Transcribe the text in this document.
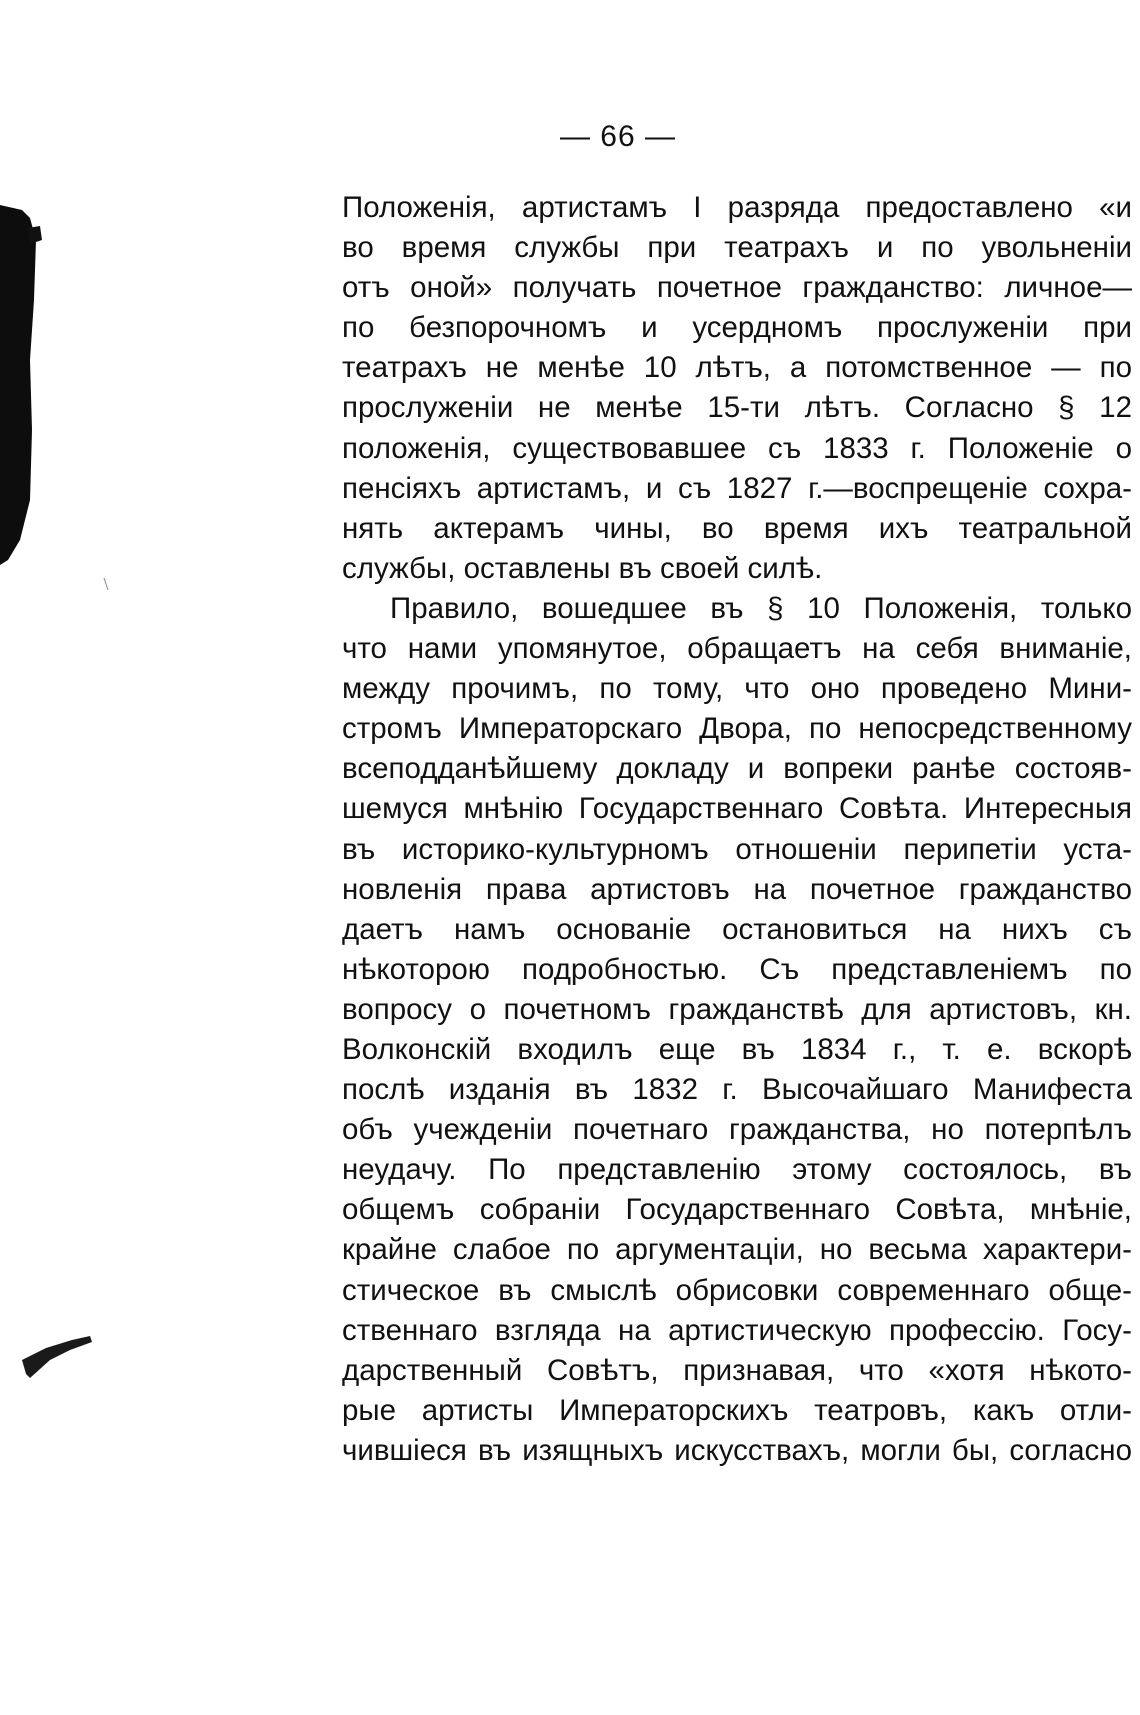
— 66 —
Положенія, артистамъ I разряда предоставлено «и
во время службы при театрахъ и по увольненіи
отъ оной» получать почетное гражданство: личное—
по безпорочномъ и усердномъ прослуженіи при
театрахъ не менѣе 10 лѣтъ, а потомственное — по
прослуженіи не менѣе 15-ти лѣтъ. Согласно § 12
положенія, существовавшее съ 1833 г. Положеніе о
пенсіяхъ артистамъ, и съ 1827 г.—воспрещеніе сохра-
нять актерамъ чины, во время ихъ театральной
службы, оставлены въ своей силѣ.
Правило, вошедшее въ § 10 Положенія, только
что нами упомянутое, обращаетъ на себя вниманіе,
между прочимъ, по тому, что оно проведено Мини-
стромъ Императорскаго Двора, по непосредственному
всеподданѣйшему докладу и вопреки ранѣе состояв-
шемуся мнѣнію Государственнаго Совѣта. Интересныя
въ историко-культурномъ отношеніи перипетіи уста-
новленія права артистовъ на почетное гражданство
даетъ намъ основаніе остановиться на нихъ съ
нѣкоторою подробностью. Съ представленіемъ по
вопросу о почетномъ гражданствѣ для артистовъ, кн.
Волконскій входилъ еще въ 1834 г., т. е. вскорѣ
послѣ изданія въ 1832 г. Высочайшаго Манифеста
объ учежденіи почетнаго гражданства, но потерпѣлъ
неудачу. По представленію этому состоялось, въ
общемъ собраніи Государственнаго Совѣта, мнѣніе,
крайне слабое по аргументаціи, но весьма характери-
стическое въ смыслѣ обрисовки современнаго обще-
ственнаго взгляда на артистическую профессію. Госу-
дарственный Совѣтъ, признавая, что «хотя нѣкото-
рые артисты Императорскихъ театровъ, какъ отли-
чившіеся въ изящныхъ искусствахъ, могли бы, согласно
